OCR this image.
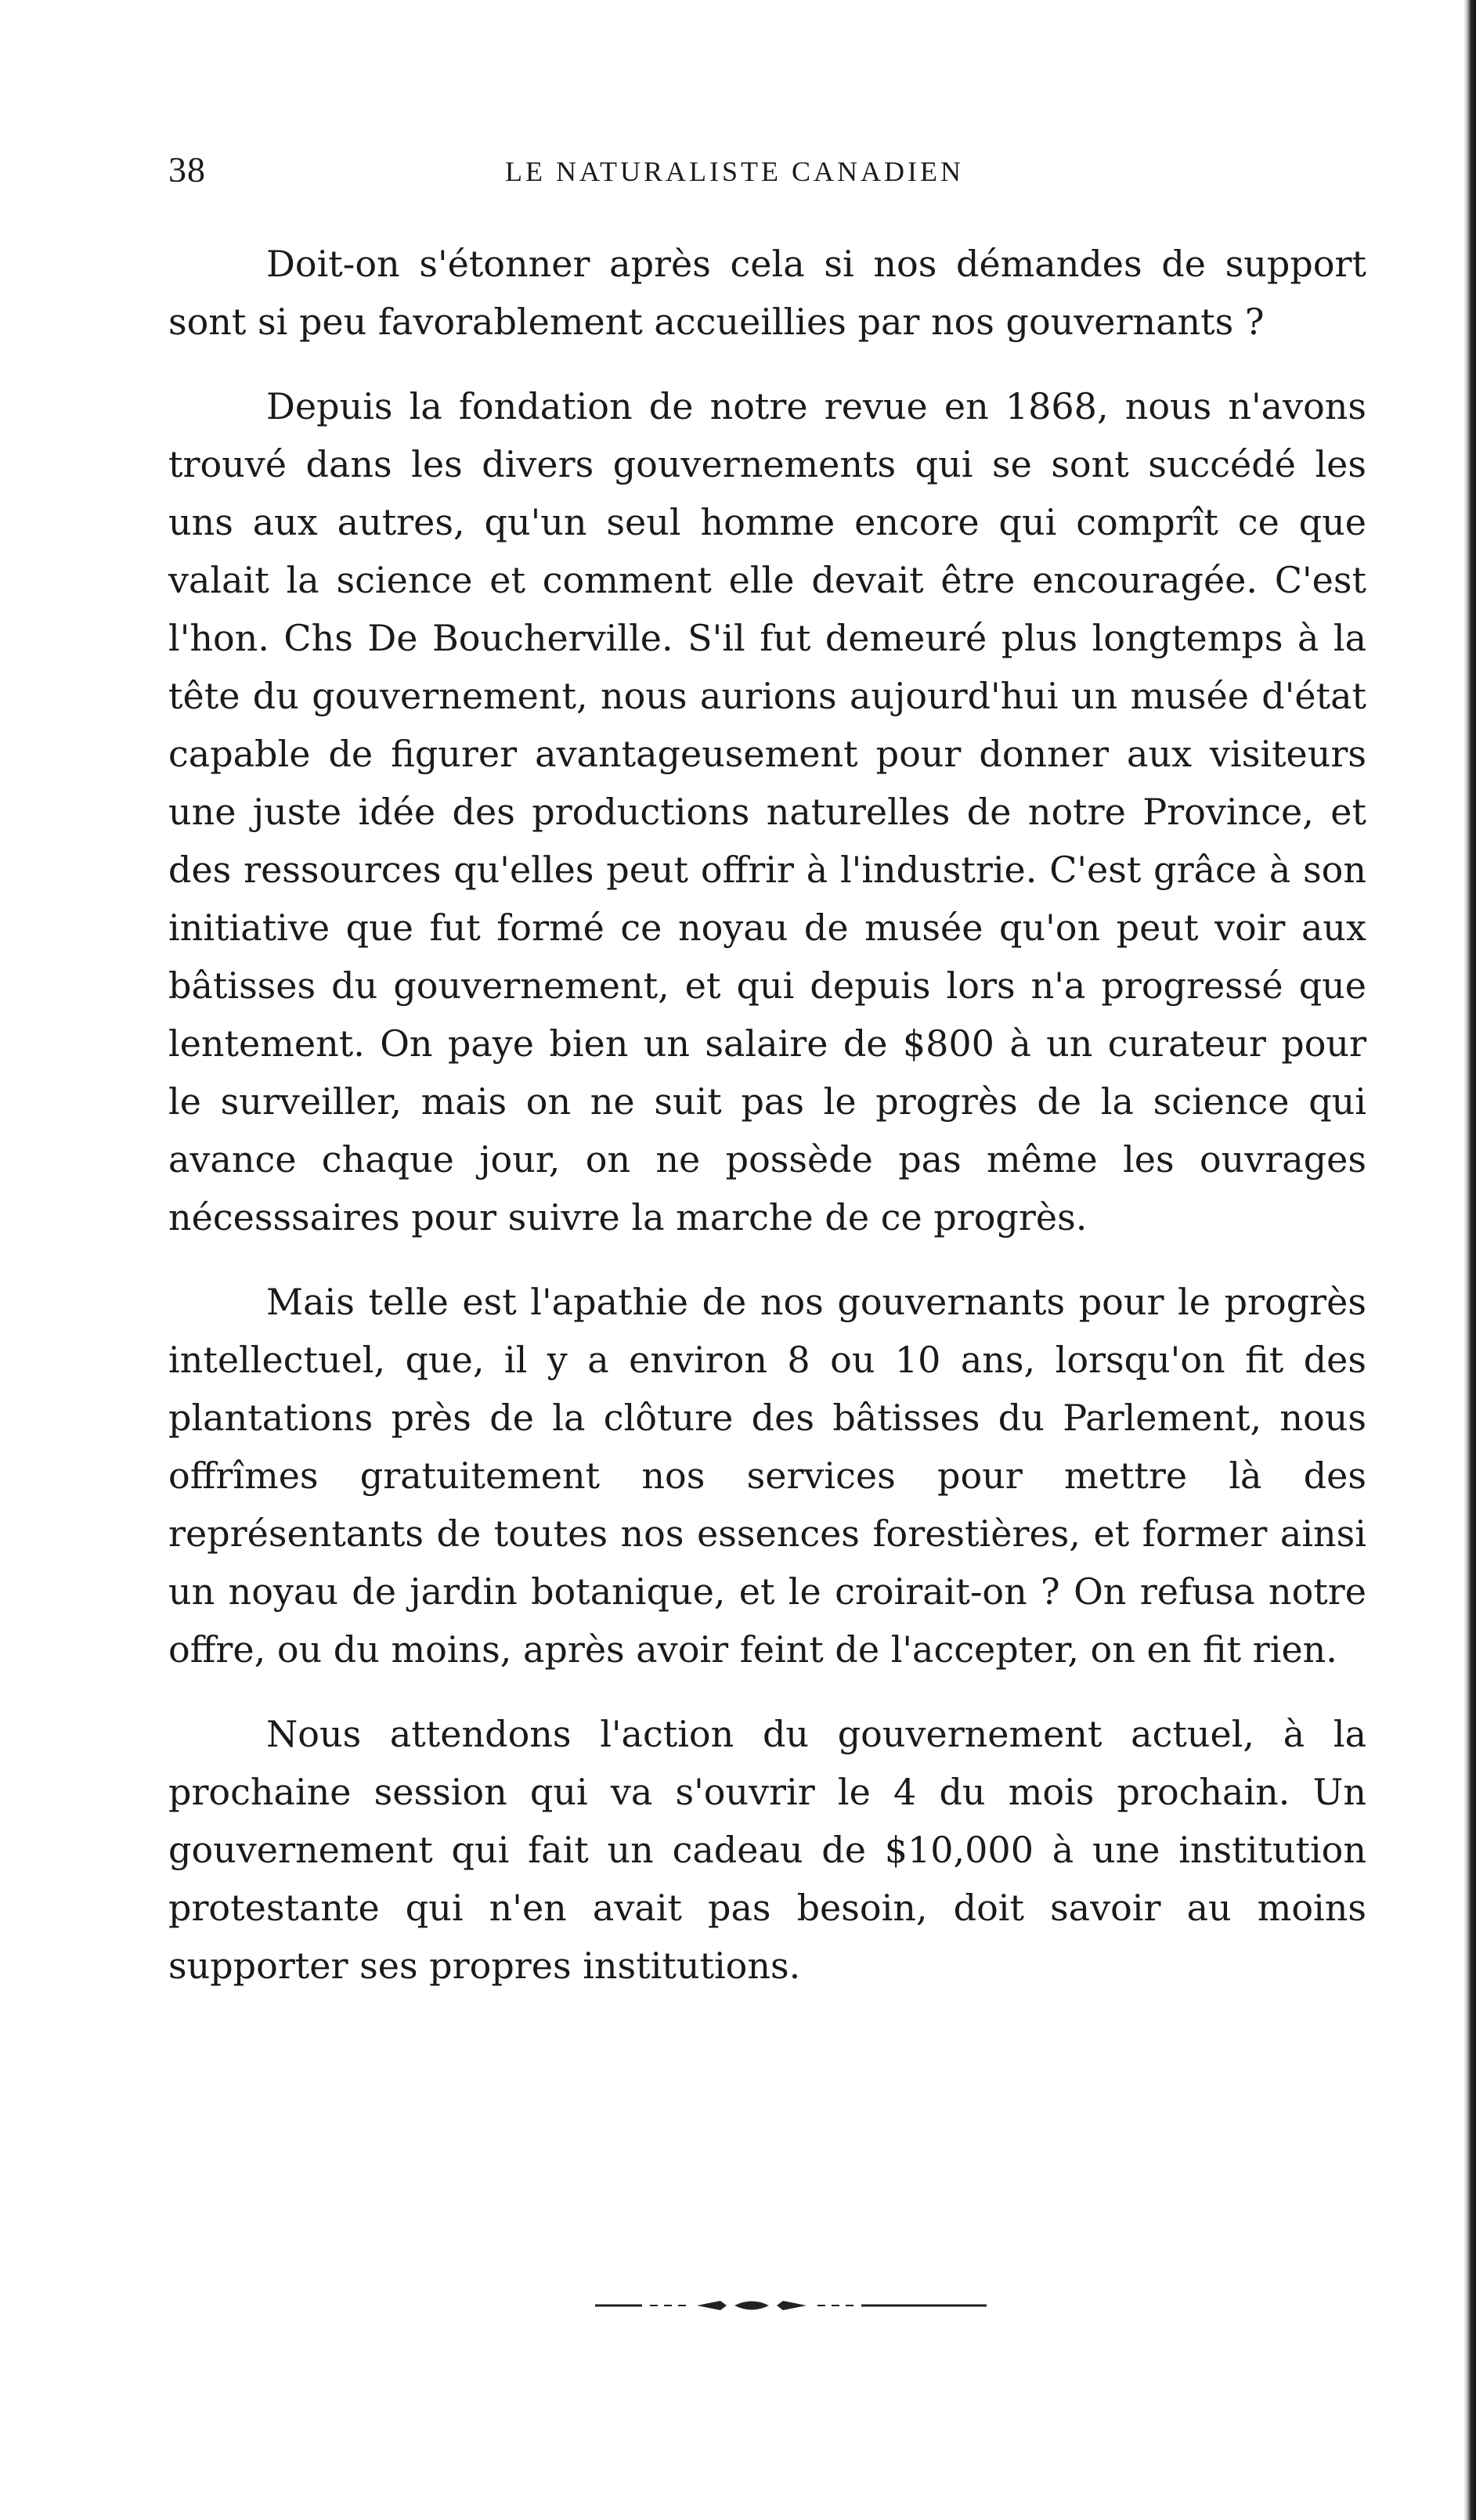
38	LE NATURALISTE CANADIEN

Doit-on s'étonner après cela si nos démandes de support sont si peu favorablement accueillies par nos gouvernants ?

Depuis la fondation de notre revue en 1868, nous n'avons trouvé dans les divers gouvernements qui se sont succédé les uns aux autres, qu'un seul homme encore qui comprît ce que valait la science et comment elle devait être encouragée. C'est l'hon. Chs De Boucherville. S'il fut demeuré plus longtemps à la tête du gouvernement, nous aurions aujourd'hui un musée d'état capable de figurer avantageusement pour donner aux visiteurs une juste idée des productions naturelles de notre Province, et des ressources qu'elles peut offrir à l'industrie. C'est grâce à son initiative que fut formé ce noyau de musée qu'on peut voir aux bâtisses du gouvernement, et qui depuis lors n'a progressé que lentement. On paye bien un salaire de $800 à un curateur pour le surveiller, mais on ne suit pas le progrès de la science qui avance chaque jour, on ne possède pas même les ouvrages nécesssaires pour suivre la marche de ce progrès.

Mais telle est l'apathie de nos gouvernants pour le progrès intellectuel, que, il y a environ 8 ou 10 ans, lorsqu'on fit des plantations près de la clôture des bâtisses du Parlement, nous offrîmes gratuitement nos services pour mettre là des représentants de toutes nos essences forestières, et former ainsi un noyau de jardin botanique, et le croirait-on ? On refusa notre offre, ou du moins, après avoir feint de l'accepter, on en fit rien.

Nous attendons l'action du gouvernement actuel, à la prochaine session qui va s'ouvrir le 4 du mois prochain. Un gouvernement qui fait un cadeau de $10,000 à une institution protestante qui n'en avait pas besoin, doit savoir au moins supporter ses propres institutions.
